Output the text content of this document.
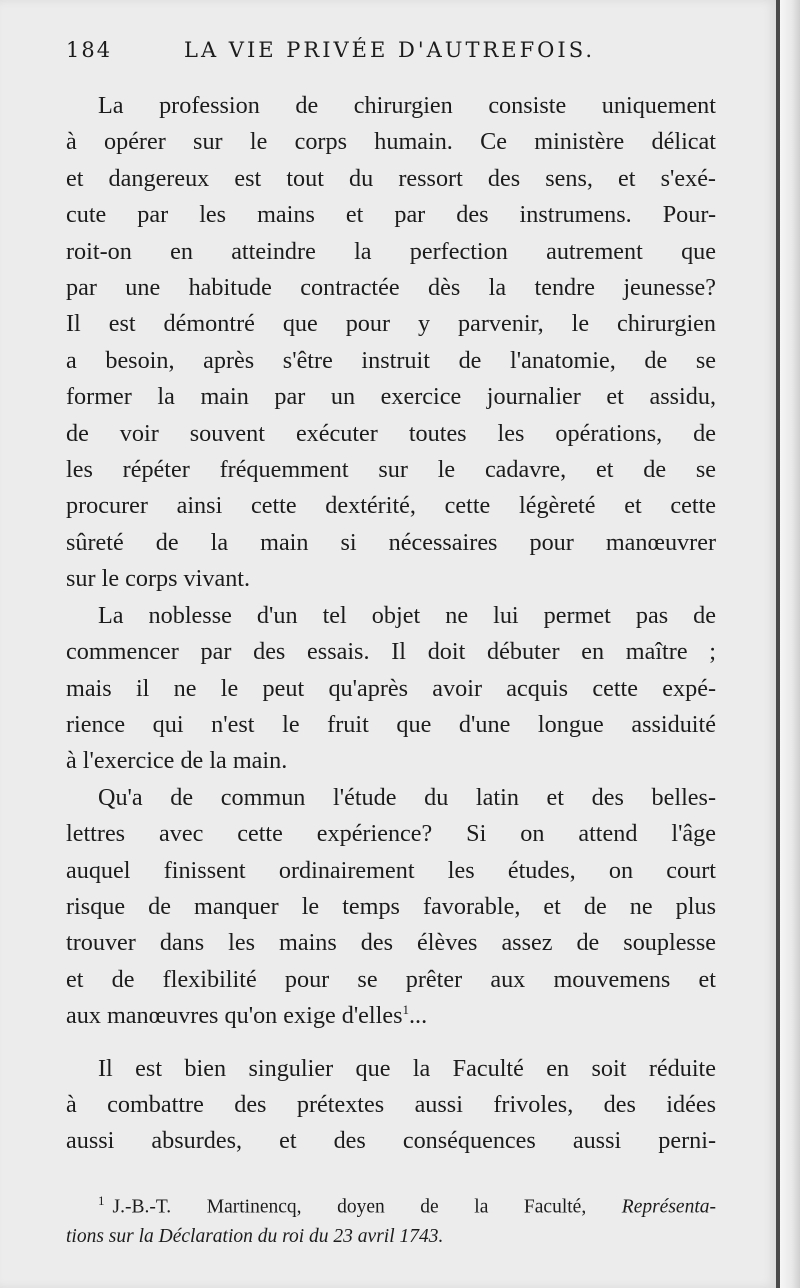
184	LA VIE PRIVÉE D'AUTREFOIS.
La profession de chirurgien consiste uniquement
à opérer sur le corps humain. Ce ministère délicat
et dangereux est tout du ressort des sens, et s'exé-
cute par les mains et par des instrumens. Pour-
roit-on en atteindre la perfection autrement que
par une habitude contractée dès la tendre jeunesse?
Il est démontré que pour y parvenir, le chirurgien
a besoin, après s'être instruit de l'anatomie, de se
former la main par un exercice journalier et assidu,
de voir souvent exécuter toutes les opérations, de
les répéter fréquemment sur le cadavre, et de se
procurer ainsi cette dextérité, cette légèreté et cette
sûreté de la main si nécessaires pour manœuvrer
sur le corps vivant.
La noblesse d'un tel objet ne lui permet pas de
commencer par des essais. Il doit débuter en maître ;
mais il ne le peut qu'après avoir acquis cette expé-
rience qui n'est le fruit que d'une longue assiduité
à l'exercice de la main.
Qu'a de commun l'étude du latin et des belles-
lettres avec cette expérience? Si on attend l'âge
auquel finissent ordinairement les études, on court
risque de manquer le temps favorable, et de ne plus
trouver dans les mains des élèves assez de souplesse
et de flexibilité pour se prêter aux mouvemens et
aux manœuvres qu'on exige d'elles$^1$...
Il est bien singulier que la Faculté en soit réduite
à combattre des prétextes aussi frivoles, des idées
aussi absurdes, et des conséquences aussi perni-
$^1$ J.-B.-T. Martinencq, doyen de la Faculté, Représenta-
tions sur la Déclaration du roi du 23 avril 1743.
